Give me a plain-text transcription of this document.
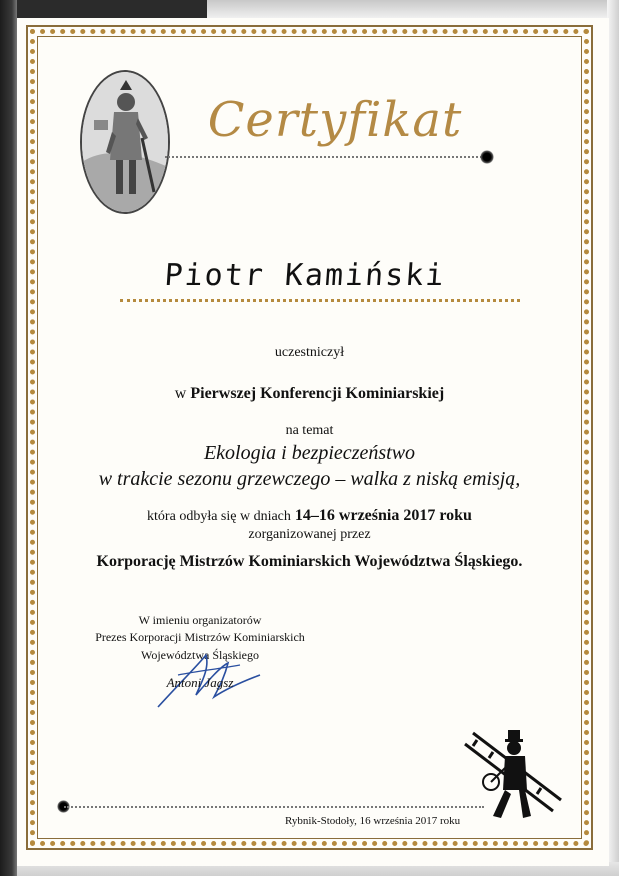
Certyfikat
Piotr Kamiński
uczestniczył
w Pierwszej Konferencji Kominiarskiej
na temat
Ekologia i bezpieczeństwo
w trakcie sezonu grzewczego – walka z niską emisją,
która odbyła się w dniach 14–16 września 2017 roku
zorganizowanej przez
Korporację Mistrzów Kominiarskich Województwa Śląskiego.
W imieniu organizatorów
Prezes Korporacji Mistrzów Kominiarskich
Województwa Śląskiego
Antoni Jagsz
Rybnik-Stodoły, 16 września 2017 roku
